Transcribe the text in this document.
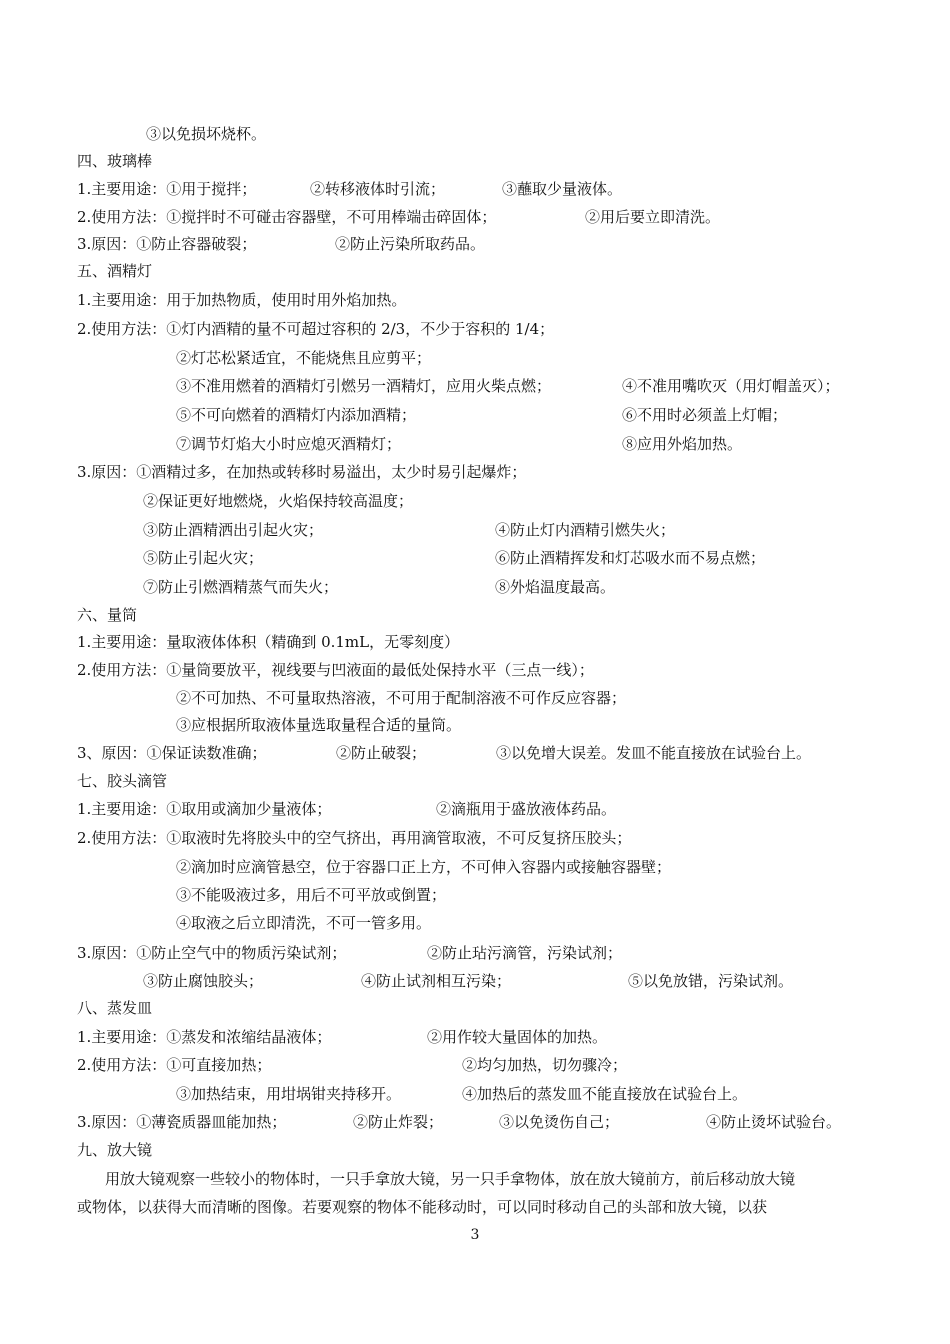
③以免损坏烧杯。
四、玻璃棒
1.主要用途：①用于搅拌；	②转移液体时引流；	③蘸取少量液体。
2.使用方法：①搅拌时不可碰击容器壁，不可用棒端击碎固体；	②用后要立即清洗。
3.原因：①防止容器破裂；	②防止污染所取药品。
五、酒精灯
1.主要用途：用于加热物质，使用时用外焰加热。
2.使用方法：①灯内酒精的量不可超过容积的 2/3，不少于容积的 1/4；
②灯芯松紧适宜，不能烧焦且应剪平；
③不准用燃着的酒精灯引燃另一酒精灯，应用火柴点燃；	④不准用嘴吹灭（用灯帽盖灭）；
⑤不可向燃着的酒精灯内添加酒精；	⑥不用时必须盖上灯帽；
⑦调节灯焰大小时应熄灭酒精灯；	⑧应用外焰加热。
3.原因：①酒精过多，在加热或转移时易溢出，太少时易引起爆炸；
②保证更好地燃烧，火焰保持较高温度；
③防止酒精洒出引起火灾；	④防止灯内酒精引燃失火；
⑤防止引起火灾；	⑥防止酒精挥发和灯芯吸水而不易点燃；
⑦防止引燃酒精蒸气而失火；	⑧外焰温度最高。
六、量筒
1.主要用途：量取液体体积（精确到 0.1mL，无零刻度）
2.使用方法：①量筒要放平，视线要与凹液面的最低处保持水平（三点一线）；
②不可加热、不可量取热溶液，不可用于配制溶液不可作反应容器；
③应根据所取液体量选取量程合适的量筒。
3、原因：①保证读数准确；	②防止破裂；	③以免增大误差。发皿不能直接放在试验台上。
七、胶头滴管
1.主要用途：①取用或滴加少量液体；	②滴瓶用于盛放液体药品。
2.使用方法：①取液时先将胶头中的空气挤出，再用滴管取液，不可反复挤压胶头；
②滴加时应滴管悬空，位于容器口正上方，不可伸入容器内或接触容器壁；
③不能吸液过多，用后不可平放或倒置；
④取液之后立即清洗，不可一管多用。
3.原因：①防止空气中的物质污染试剂；	②防止玷污滴管，污染试剂；
③防止腐蚀胶头；	④防止试剂相互污染；	⑤以免放错，污染试剂。
八、蒸发皿
1.主要用途：①蒸发和浓缩结晶液体；	②用作较大量固体的加热。
2.使用方法：①可直接加热；	②均匀加热，切勿骤冷；
③加热结束，用坩埚钳夹持移开。	④加热后的蒸发皿不能直接放在试验台上。
3.原因：①薄瓷质器皿能加热；	②防止炸裂；	③以免烫伤自己；	④防止烫坏试验台。
九、放大镜
用放大镜观察一些较小的物体时，一只手拿放大镜，另一只手拿物体，放在放大镜前方，前后移动放大镜
或物体，以获得大而清晰的图像。若要观察的物体不能移动时，可以同时移动自己的头部和放大镜，以获
3
